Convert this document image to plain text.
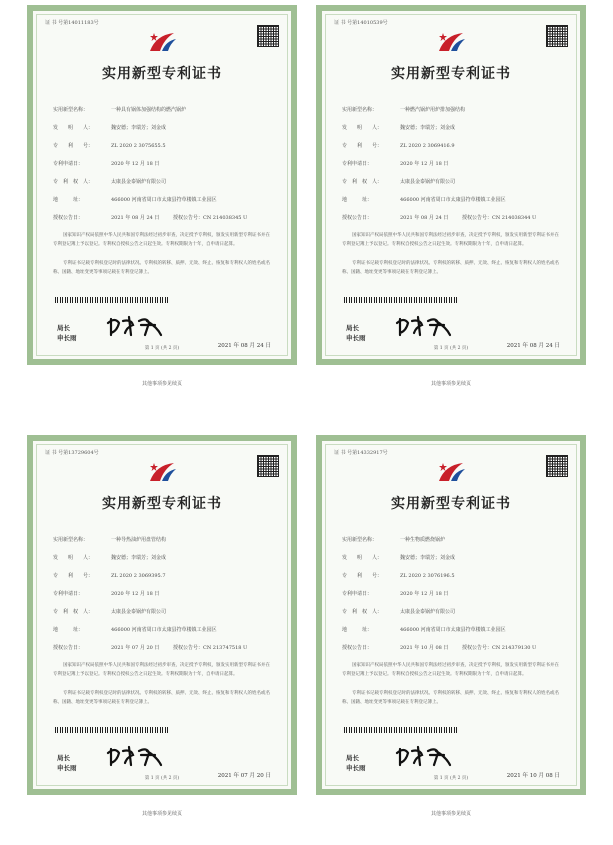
证 书 号第14011183号
实用新型专利证书
实用新型名称：	一种具有锅体加强结构的燃汽锅炉
发　　明　　人：	魏安德；李瑞芳；刘金成
专　　利　　号：	ZL 2020 2 3075655.5
专利申请日：	2020 年 12 月 18 日
专　利　权　人：	太康县金泰锅炉有限公司
地　　　址：	466000 河南省周口市太康县符草楼镇工业园区
授权公告日：	2021 年 08 月 24 日	授权公告号：CN 214038345 U
国家知识产权局依照中华人民共和国专利法经过初步审查，决定授予专利权，颁发实用新型专利证书并在专利登记簿上予以登记。专利权自授权公告之日起生效。专利权期限为十年，自申请日起算。
专利证书记载专利权登记时的法律状况。专利权的转移、质押、无效、终止、恢复和专利权人的姓名或名称、国籍、地址变更等事项记载在专利登记簿上。
局长
申长雨
2021 年 08 月 24 日
第 1 页 (共 2 页)
其他事项参见续页
证 书 号第14010539号
实用新型专利证书
实用新型名称：	一种燃汽锅炉用炉排加强结构
发　　明　　人：	魏安德；李瑞芳；刘金成
专　　利　　号：	ZL 2020 2 3069416.9
专利申请日：	2020 年 12 月 18 日
专　利　权　人：	太康县金泰锅炉有限公司
地　　　址：	466000 河南省周口市太康县符草楼镇工业园区
授权公告日：	2021 年 08 月 24 日	授权公告号：CN 214038344 U
国家知识产权局依照中华人民共和国专利法经过初步审查，决定授予专利权，颁发实用新型专利证书并在专利登记簿上予以登记。专利权自授权公告之日起生效。专利权期限为十年，自申请日起算。
专利证书记载专利权登记时的法律状况。专利权的转移、质押、无效、终止、恢复和专利权人的姓名或名称、国籍、地址变更等事项记载在专利登记簿上。
局长
申长雨
2021 年 08 月 24 日
第 1 页 (共 2 页)
其他事项参见续页
证 书 号第13729604号
实用新型专利证书
实用新型名称：	一种导热油炉用盘管结构
发　　明　　人：	魏安德；李瑞芳；刘金成
专　　利　　号：	ZL 2020 2 3069395.7
专利申请日：	2020 年 12 月 18 日
专　利　权　人：	太康县金泰锅炉有限公司
地　　　址：	466000 河南省周口市太康县符草楼镇工业园区
授权公告日：	2021 年 07 月 20 日	授权公告号：CN 213747518 U
国家知识产权局依照中华人民共和国专利法经过初步审查，决定授予专利权，颁发实用新型专利证书并在专利登记簿上予以登记。专利权自授权公告之日起生效。专利权期限为十年，自申请日起算。
专利证书记载专利权登记时的法律状况。专利权的转移、质押、无效、终止、恢复和专利权人的姓名或名称、国籍、地址变更等事项记载在专利登记簿上。
局长
申长雨
2021 年 07 月 20 日
第 1 页 (共 2 页)
其他事项参见续页
证 书 号第14332917号
实用新型专利证书
实用新型名称：	一种生物质燃烧锅炉
发　　明　　人：	魏安德；李瑞芳；刘金成
专　　利　　号：	ZL 2020 2 3076196.5
专利申请日：	2020 年 12 月 18 日
专　利　权　人：	太康县金泰锅炉有限公司
地　　　址：	466000 河南省周口市太康县符草楼镇工业园区
授权公告日：	2021 年 10 月 08 日	授权公告号：CN 214379130 U
国家知识产权局依照中华人民共和国专利法经过初步审查，决定授予专利权，颁发实用新型专利证书并在专利登记簿上予以登记。专利权自授权公告之日起生效。专利权期限为十年，自申请日起算。
专利证书记载专利权登记时的法律状况。专利权的转移、质押、无效、终止、恢复和专利权人的姓名或名称、国籍、地址变更等事项记载在专利登记簿上。
局长
申长雨
2021 年 10 月 08 日
第 1 页 (共 2 页)
其他事项参见续页
